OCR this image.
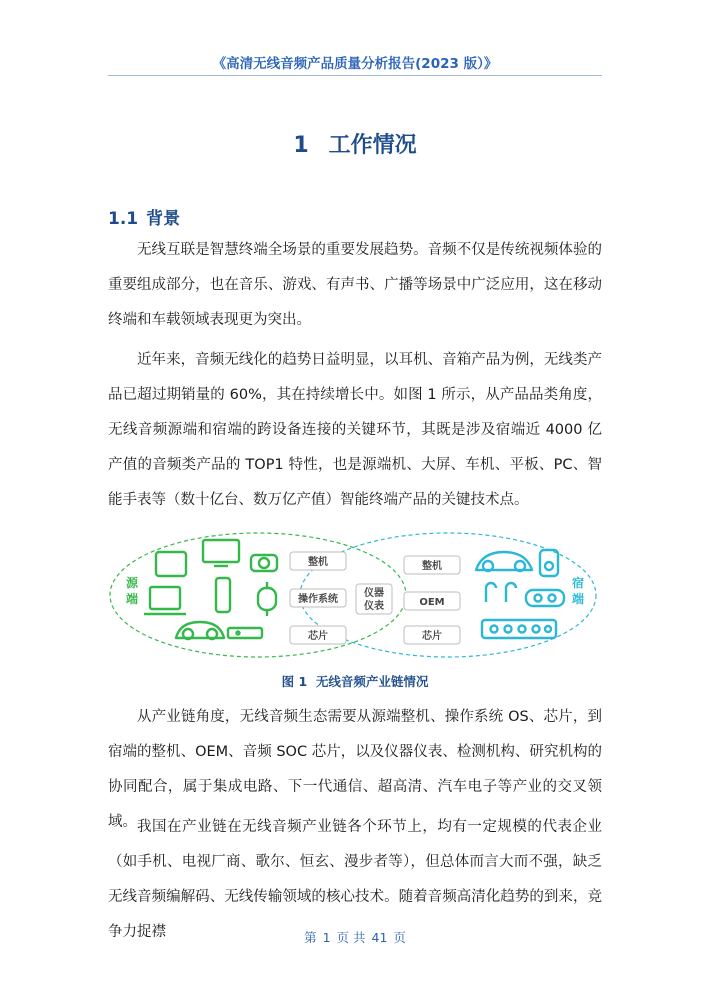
《高清无线音频产品质量分析报告(2023 版）》
1 工作情况
1.1 背景

无线互联是智慧终端全场景的重要发展趋势。音频不仅是传统视频体验的重要组成部分，也在音乐、游戏、有声书、广播等场景中广泛应用，这在移动终端和车载领域表现更为突出。

近年来，音频无线化的趋势日益明显，以耳机、音箱产品为例，无线类产品已超过期销量的 60%，其在持续增长中。如图 1 所示，从产品品类角度，无线音频源端和宿端的跨设备连接的关键环节，其既是涉及宿端近 4000 亿产值的音频类产品的 TOP1 特性，也是源端机、大屏、车机、平板、PC、智能手表等（数十亿台、数万亿产值）智能终端产品的关键技术点。

源端
宿端
整机
操作系统
芯片
仪器仪表
整机
OEM
芯片
图 1 无线音频产业链情况

从产业链角度，无线音频生态需要从源端整机、操作系统 OS、芯片，到宿端的整机、OEM、音频 SOC 芯片，以及仪器仪表、检测机构、研究机构的协同配合，属于集成电路、下一代通信、超高清、汽车电子等产业的交叉领域。 我国在产业链在无线音频产业链各个环节上，均有一定规模的代表企业（如手机、电视厂商、歌尔、恒玄、漫步者等），但总体而言大而不强，缺乏无线音频编解码、无线传输领域的核心技术。随着音频高清化趋势的到来，竞争力捉襟	第 1 页 共 41 页
